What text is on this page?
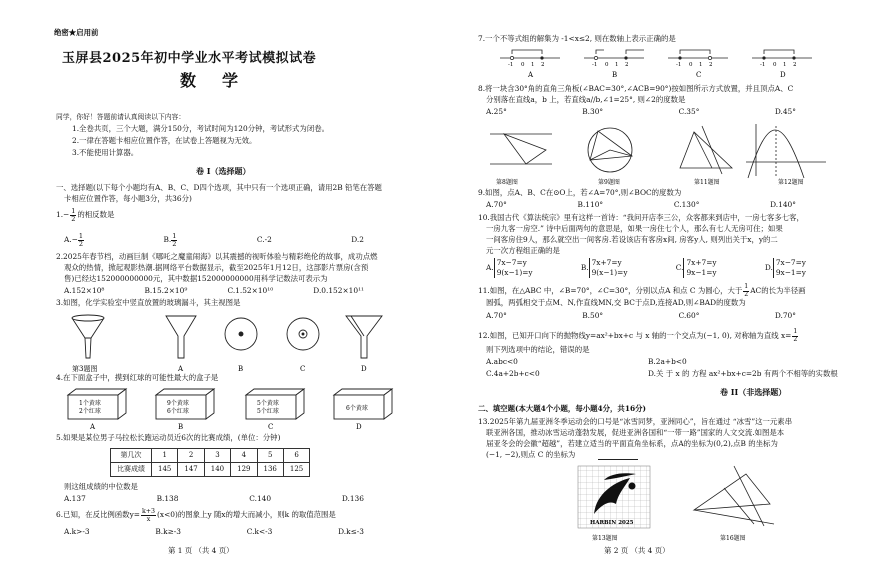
绝密★启用前
玉屏县2025年初中学业水平考试模拟试卷
数学
同学，你好！答题前请认真阅读以下内容：
1.全卷共页，三个大题，满分150分，考试时间为120分钟，考试形式为闭卷。
2.一律在答题卡相应位置作答，在试卷上答题视为无效。
3.不能使用计算器。
卷 I（选择题）
一、选择题(以下每个小题均有A、B、C、D四个选项，其中只有一个选项正确，请用2B 铅笔在答题
卡相应位置作答，每小题3分，共36分)
$1.- \frac{1}{2}$ 的相反数是
$A.- \frac{1}{2}$	B. $\frac{1}{2}$	C.-2	D.2
2.2025年春节档，动画巨制《哪吒之魔童闹海》以其震撼的视听体验与精彩绝伦的故事，成功点燃
观众的热情，掀起观影热潮.据网络平台数据显示，截至2025年1月12日，这部影片票房(含预
售)已经达152000000000元，其中数据152000000000用科学记数法可表示为
A.152×10⁸	B.15.2×10⁹	C.1.52×10¹⁰	D.0.152×10¹¹
3.如图，化学实验室中竖直放置的玻璃漏斗，其主视图是
第3题图	A	B	C	D
4.在下面盒子中，摸到红球的可能性最大的盒子是
1个黄球
2个红球
9个黄球
6个红球
5个黄球
5个红球	6个黄球
A	B	C	D
5.如果是某位男子马拉松长跑运动员近6次的比赛成绩，(单位：分钟)
第几次	1	2	3	4	5	6
比赛成绩	145	147	140	129	136	125
则这组成绩的中位数是
A.137	B.138	C.140	D.136
6.已知，在反比例函数$y= \frac{k+3}{x} (x<0)$的图象上y 随x的增大而减小，则k 的取值范围是
A.k>-3	B.k≥-3	C.k<-3	D.k≤-3
第 1 页 （共 4 页）
7.一个不等式组的解集为 -1<x≤2, 则在数轴上表示正确的是
-1 0 1 2	-1 0 1 2	-1 0 1 2	-1 0 1 2
A	B	C	D
8.将一块含30°角的直角三角板(∠BAC=30°,∠ACB=90°)按如图所示方式放置，并且顶点A、C
分别落在直线a，b 上，若直线a//b,∠1=25°, 则∠2的度数是
A.25°	B.30°	C.35°	D.45°
第8题图	第9题图	第11题图	第12题图
9.如图，点A、B、C在⊙O上，若∠A=70°,则∠BOC的度数为
A.70°	B.110°	C.130°	D.140°
10.我国古代《算法统宗》里有这样一首诗：“我问开店李三公，众客都来到店中，一房七客多七客，
一房九客一房空.” 诗中后面两句的意思是，如果一房住七个人，那么有七人无房可住；如果
一间客房住9人，那么就空出一间客房.若设该店有客房x间, 房客y人, 则列出关于x，y的二
元一次方程组正确的是
A.
7x−7=y
9(x−1)=y
B.
7x+7=y
9(x−1)=y
C.
7x+7=y
9x−1=y
D.
7x−7=y
9x−1=y
11.如图，在△ABC 中，∠B=70°，∠C=30°，分别以点A 和点 C 为圆心，大于 $\frac{1}{2}$ AC的长为半径画
圆弧，两弧相交于点M、N,作直线MN,交 BC于点D,连接AD,则∠BAD的度数为
A.70°	B.50°	C.60°	D.70°
12.如图，已知开口向下的抛物线y=ax²+bx+c 与 x 轴的一个交点为(−1, 0), 对称轴为直线 $x= \frac{1}{2}$
则下列选项中的结论，错误的是
A.abc<0	B.2a+b<0
C.4a+2b+c<0	D.关 于 x 的 方程 ax²+bx+c=2b 有两个不相等的实数根
卷 II（非选择题）
二、填空题(本大题4个小题，每小题4分，共16分)
13.2025年第九届亚洲冬季运动会的口号是“冰雪同梦，亚洲同心”，旨在通过 “冰雪”这一元素串
联亚洲各国，推动冰雪运动蓬勃发展，促进亚洲各国和“一带一路”国家的人文交流.如图是本
届亚冬会的会徽“超越”，若建立适当的平面直角坐标系，点A的坐标为(0,2),点B 的坐标为
(−1, −2),则点 C 的坐标为
HARBIN 2025
第13题图	第16题图
第 2 页 （共 4 页）
